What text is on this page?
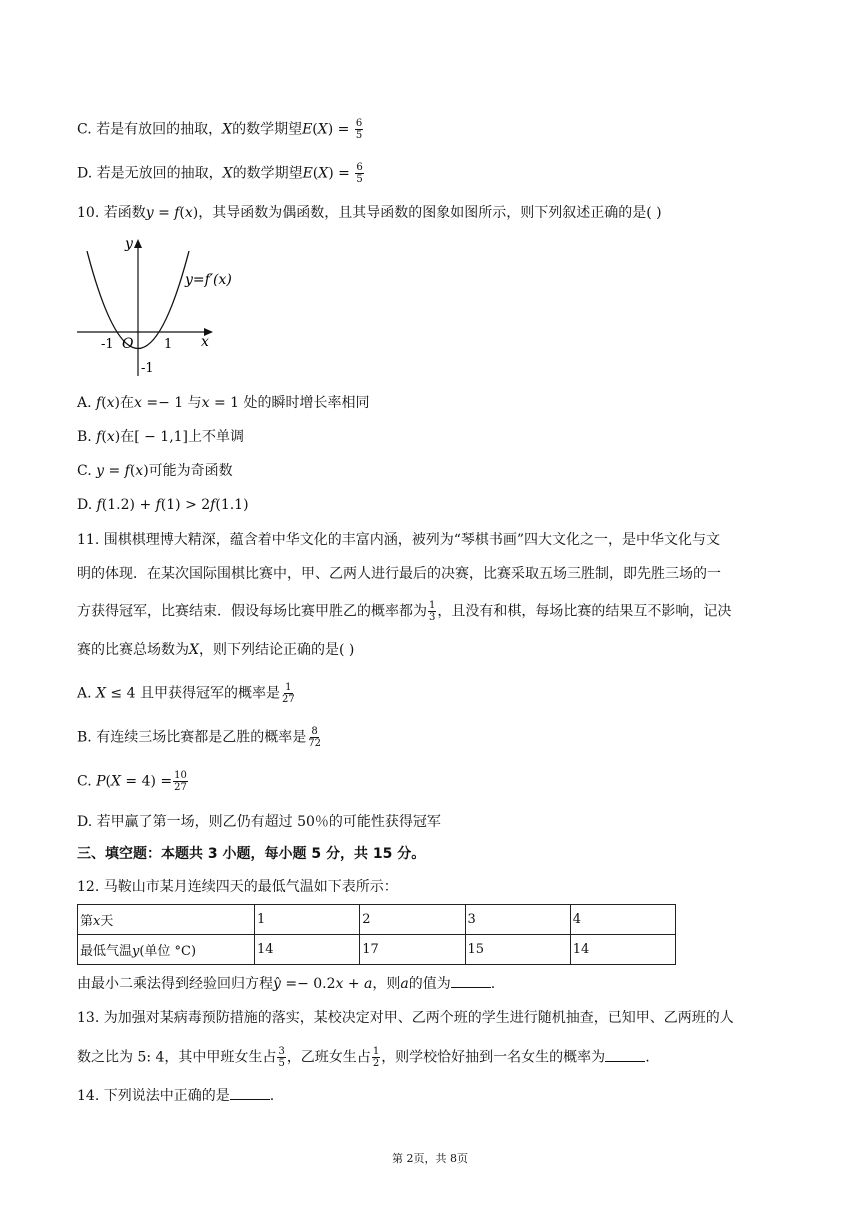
C. 若是有放回的抽取，𝑋的数学期望𝐸(𝑋) = $\frac{6}{5}$
D. 若是无放回的抽取，𝑋的数学期望𝐸(𝑋) = $\frac{6}{5}$
10. 若函数𝑦 = 𝑓(𝑥)，其导函数为偶函数，且其导函数的图象如图所示，则下列叙述正确的是( )
y
x
y=f′(x)
O
-1	1
-1
A. 𝑓(𝑥)在𝑥 =− 1 与𝑥 = 1 处的瞬时增长率相同
B. 𝑓(𝑥)在[ − 1,1]上不单调
C. 𝑦 = 𝑓(𝑥)可能为奇函数
D. 𝑓(1.2) + 𝑓(1) > 2𝑓(1.1)
11. 围棋棋理博大精深，蕴含着中华文化的丰富内涵，被列为“琴棋书画”四大文化之一，是中华文化与文
明的体现．在某次国际围棋比赛中，甲、乙两人进行最后的决赛，比赛采取五场三胜制，即先胜三场的一
方获得冠军，比赛结束．假设每场比赛甲胜乙的概率都为 $\frac{1}{3}$ ，且没有和棋，每场比赛的结果互不影响，记决
赛的比赛总场数为𝑋，则下列结论正确的是( )
A. 𝑋 ≤ 4 且甲获得冠军的概率是 $\frac{1}{27}$
B. 有连续三场比赛都是乙胜的概率是 $\frac{8}{72}$
C. 𝑃(𝑋 = $4) = \frac{10}{27}$
D. 若甲赢了第一场，则乙仍有超过 50％的可能性获得冠军
三、填空题：本题共 3 小题，每小题 5 分，共 15 分。
12. 马鞍山市某月连续四天的最低气温如下表所示：
第𝑥天	1	2	3	4
最低气温𝑦(单位 °C)	14	17	15	14
由最小二乘法得到经验回归方程𝑦̂ =− 0.2𝑥 + 𝑎，则𝑎的值为	.
13. 为加强对某病毒预防措施的落实，某校决定对甲、乙两个班的学生进行随机抽查，已知甲、乙两班的人
数之比为 5: 4，其中甲班女生占 $\frac{3}{5}$ ，乙班女生占 $\frac{1}{2}$ ，则学校恰好抽到一名女生的概率为	.
14. 下列说法中正确的是	.
第 2页，共 8页
